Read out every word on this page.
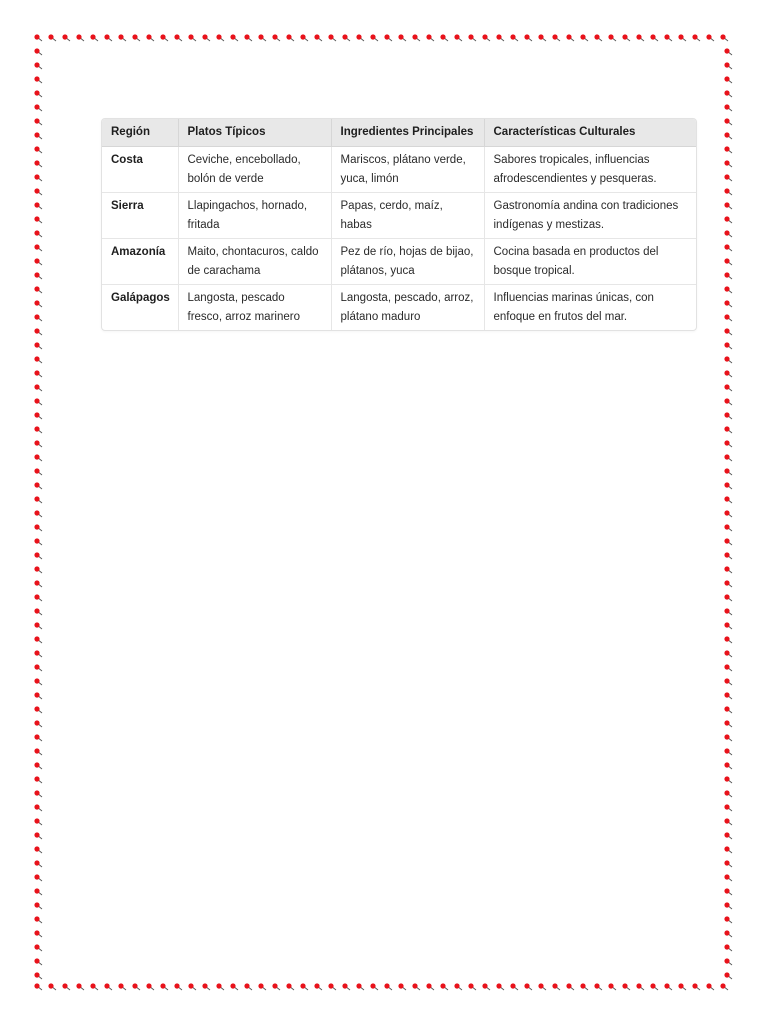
Región	Platos Típicos	Ingredientes Principales	Características Culturales
Costa	Ceviche, encebollado, bolón de verde	Mariscos, plátano verde, yuca, limón	Sabores tropicales, influencias afrodescendientes y pesqueras.
Sierra	Llapingachos, hornado, fritada	Papas, cerdo, maíz, habas	Gastronomía andina con tradiciones indígenas y mestizas.
Amazonía	Maito, chontacuros, caldo de carachama	Pez de río, hojas de bijao, plátanos, yuca	Cocina basada en productos del bosque tropical.
Galápagos	Langosta, pescado fresco, arroz marinero	Langosta, pescado, arroz, plátano maduro	Influencias marinas únicas, con enfoque en frutos del mar.
